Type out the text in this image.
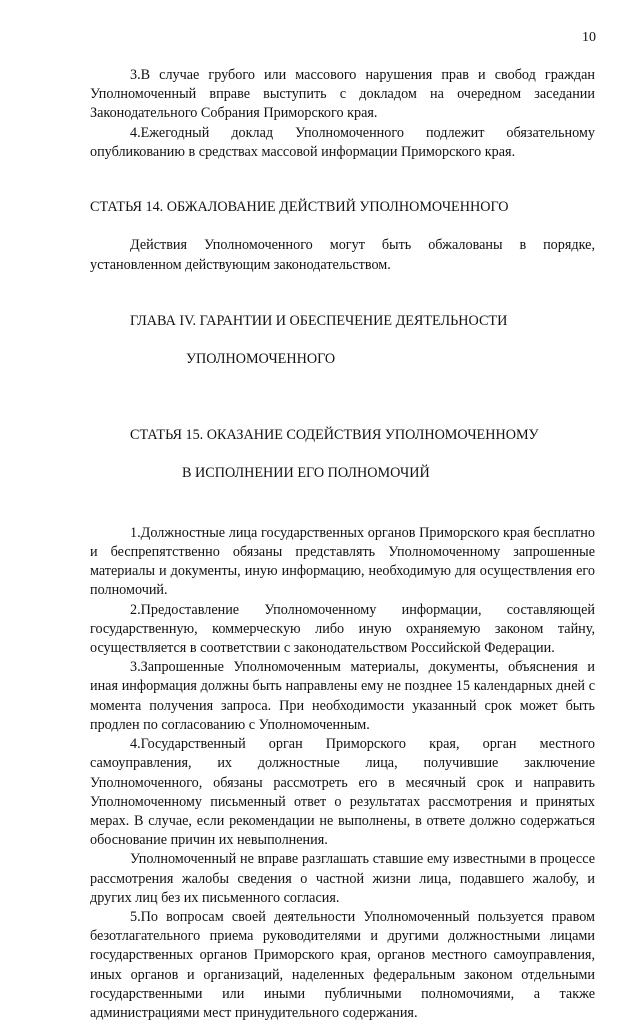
10

3.В случае грубого или массового нарушения прав и свобод граждан Уполномоченный вправе выступить с докладом на очередном заседании Законодательного Собрания Приморского края.

4.Ежегодный доклад Уполномоченного подлежит обязательному опубликованию в средствах массовой информации Приморского края.

СТАТЬЯ 14. ОБЖАЛОВАНИЕ ДЕЙСТВИЙ УПОЛНОМОЧЕННОГО

Действия Уполномоченного могут быть обжалованы в порядке, установленном действующим законодательством.

ГЛАВА IV. ГАРАНТИИ И ОБЕСПЕЧЕНИЕ ДЕЯТЕЛЬНОСТИ

УПОЛНОМОЧЕННОГО

СТАТЬЯ 15. ОКАЗАНИЕ СОДЕЙСТВИЯ УПОЛНОМОЧЕННОМУ

В ИСПОЛНЕНИИ ЕГО ПОЛНОМОЧИЙ

1.Должностные лица государственных органов Приморского края бесплатно и беспрепятственно обязаны представлять Уполномоченному запрошенные материалы и документы, иную информацию, необходимую для осуществления его полномочий.

2.Предоставление Уполномоченному информации, составляющей государственную, коммерческую либо иную охраняемую законом тайну, осуществляется в соответствии с законодательством Российской Федерации.

3.Запрошенные Уполномоченным материалы, документы, объяснения и иная информация должны быть направлены ему не позднее 15 календарных дней с момента получения запроса. При необходимости указанный срок может быть продлен по согласованию с Уполномоченным.

4.Государственный орган Приморского края, орган местного самоуправления, их должностные лица, получившие заключение Уполномоченного, обязаны рассмотреть его в месячный срок и направить Уполномоченному письменный ответ о результатах рассмотрения и принятых мерах. В случае, если рекомендации не выполнены, в ответе должно содержаться обоснование причин их невыполнения.

Уполномоченный не вправе разглашать ставшие ему известными в процессе рассмотрения жалобы сведения о частной жизни лица, подавшего жалобу, и других лиц без их письменного согласия.

5.По вопросам своей деятельности Уполномоченный пользуется правом безотлагательного приема руководителями и другими должностными лицами государственных органов Приморского края, органов местного самоуправления, иных органов и организаций, наделенных федеральным законом отдельными государственными или иными публичными полномочиями, а также администрациями мест принудительного содержания.
